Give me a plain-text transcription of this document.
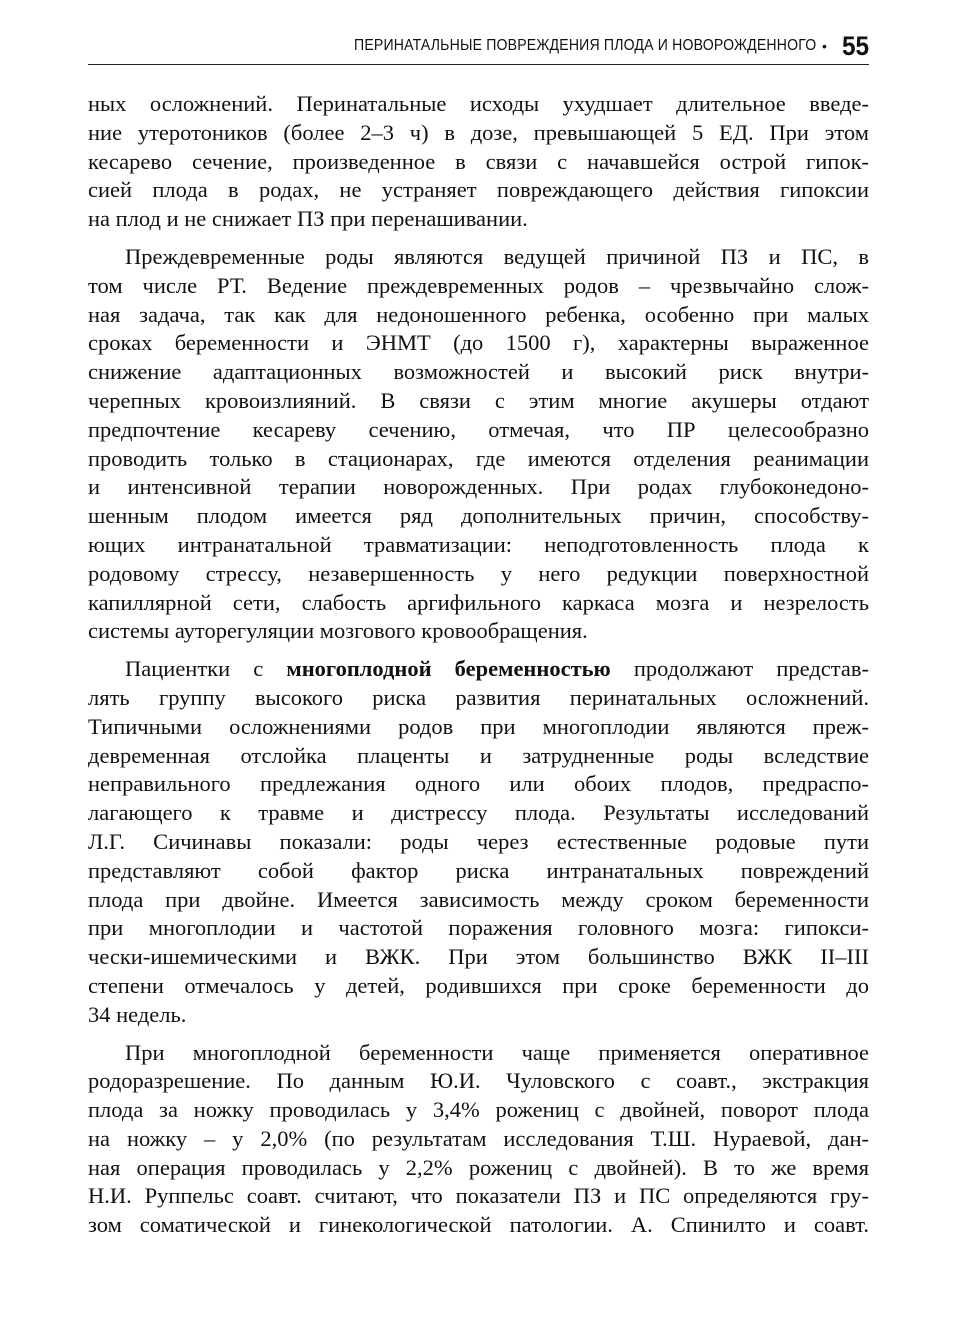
ПЕРИНАТАЛЬНЫЕ ПОВРЕЖДЕНИЯ ПЛОДА И НОВОРОЖДЕННОГО • 55
ных осложнений. Перинатальные исходы ухудшает длительное введе-
ние утеротоников (более 2–3 ч) в дозе, превышающей 5 ЕД. При этом
кесарево сечение, произведенное в связи с начавшейся острой гипок-
сией плода в родах, не устраняет повреждающего действия гипоксии
на плод и не снижает ПЗ при перенашивании.
Преждевременные роды являются ведущей причиной ПЗ и ПС, в
том числе РТ. Ведение преждевременных родов – чрезвычайно слож-
ная задача, так как для недоношенного ребенка, особенно при малых
сроках беременности и ЭНМТ (до 1500 г), характерны выраженное
снижение адаптационных возможностей и высокий риск внутри-
черепных кровоизлияний. В связи с этим многие акушеры отдают
предпочтение кесареву сечению, отмечая, что ПР целесообразно
проводить только в стационарах, где имеются отделения реанимации
и интенсивной терапии новорожденных. При родах глубоконедоно-
шенным плодом имеется ряд дополнительных причин, способству-
ющих интранатальной травматизации: неподготовленность плода к
родовому стрессу, незавершенность у него редукции поверхностной
капиллярной сети, слабость аргифильного каркаса мозга и незрелость
системы ауторегуляции мозгового кровообращения.
Пациентки с многоплодной беременностью продолжают представ-
лять группу высокого риска развития перинатальных осложнений.
Типичными осложнениями родов при многоплодии являются преж-
девременная отслойка плаценты и затрудненные роды вследствие
неправильного предлежания одного или обоих плодов, предраспо-
лагающего к травме и дистрессу плода. Результаты исследований
Л.Г. Сичинавы показали: роды через естественные родовые пути
представляют собой фактор риска интранатальных повреждений
плода при двойне. Имеется зависимость между сроком беременности
при многоплодии и частотой поражения головного мозга: гипокси-
чески-ишемическими и ВЖК. При этом большинство ВЖК II–III
степени отмечалось у детей, родившихся при сроке беременности до
34 недель.
При многоплодной беременности чаще применяется оперативное
родоразрешение. По данным Ю.И. Чуловского с соавт., экстракция
плода за ножку проводилась у 3,4% рожениц с двойней, поворот плода
на ножку – у 2,0% (по результатам исследования Т.Ш. Нураевой, дан-
ная операция проводилась у 2,2% рожениц с двойней). В то же время
Н.И. Руппельс соавт. считают, что показатели ПЗ и ПС определяются гру-
зом соматической и гинекологической патологии. А. Спинилто и соавт.
